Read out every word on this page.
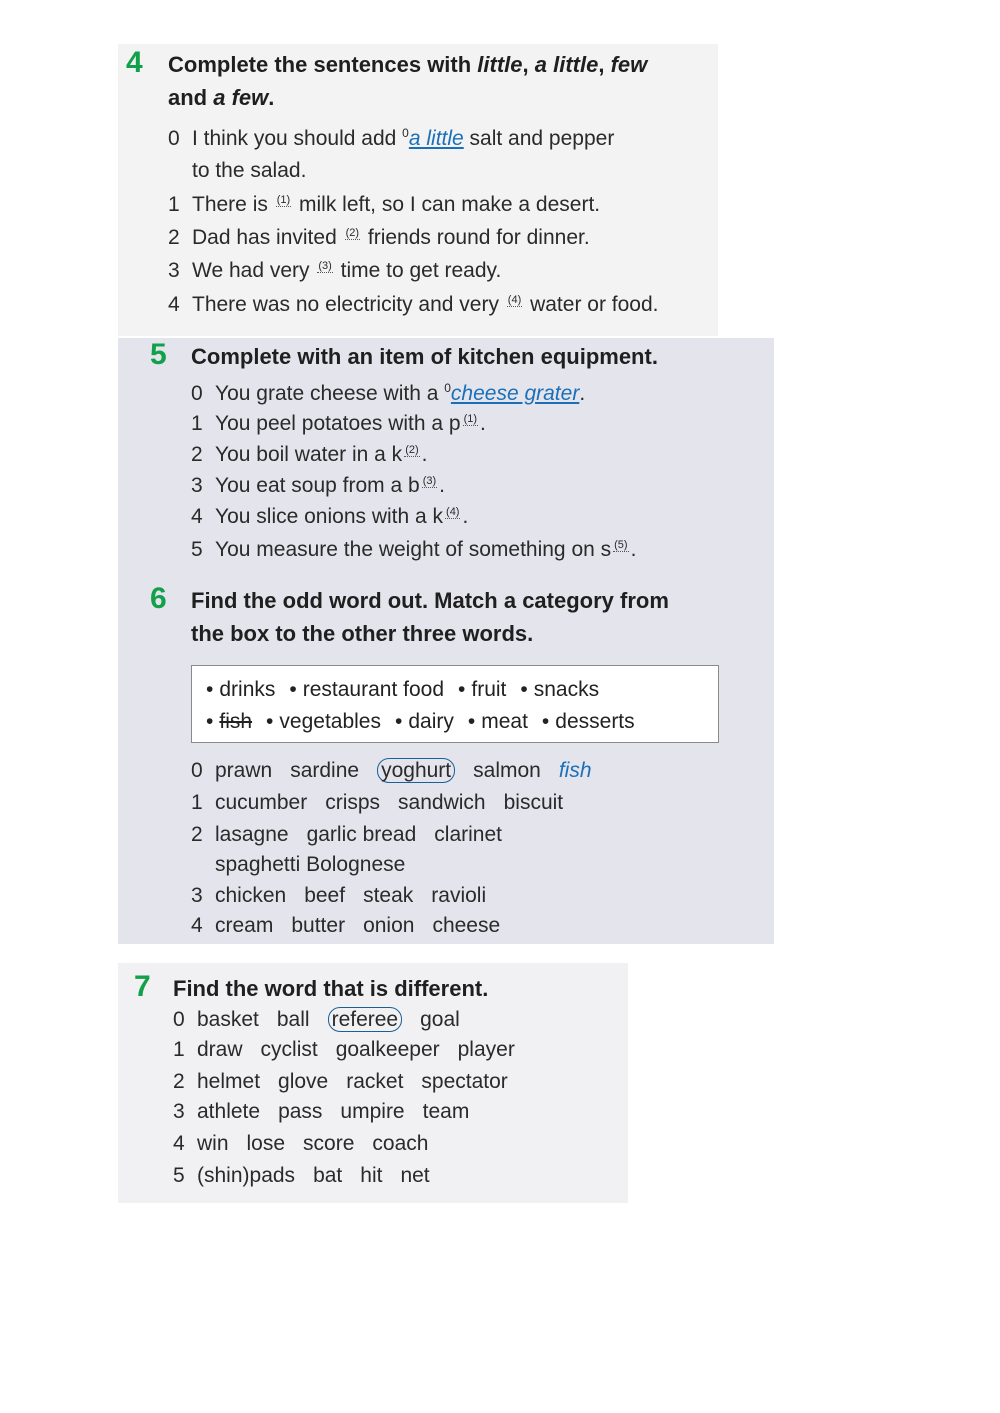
4 Complete the sentences with little, a little, few
and a few.
0 I think you should add $^0$a little salt and pepper
to the salad.
1 There is (1) milk left, so I can make a desert.
2 Dad has invited (2) friends round for dinner.
3 We had very (3) time to get ready.
4 There was no electricity and very (4) water or food.
5 Complete with an item of kitchen equipment.
0 You grate cheese with a $^0$cheese grater.
1 You peel potatoes with a p (1) .
2 You boil water in a k (2) .
3 You eat soup from a b (3) .
4 You slice onions with a k (4) .
5 You measure the weight of something on s (5) .
6 Find the odd word out. Match a category from
the box to the other three words.
• drinks • restaurant food • fruit • snacks
• fish • vegetables • dairy • meat • desserts
0 prawn sardine yoghurt salmon fish
1 cucumber crisps sandwich biscuit
2 lasagne garlic bread clarinet
spaghetti Bolognese
3 chicken beef steak ravioli
4 cream butter onion cheese
7 Find the word that is different.
0 basket ball referee goal
1 draw cyclist goalkeeper player
2 helmet glove racket spectator
3 athlete pass umpire team
4 win lose score coach
5 (shin)pads bat hit net
